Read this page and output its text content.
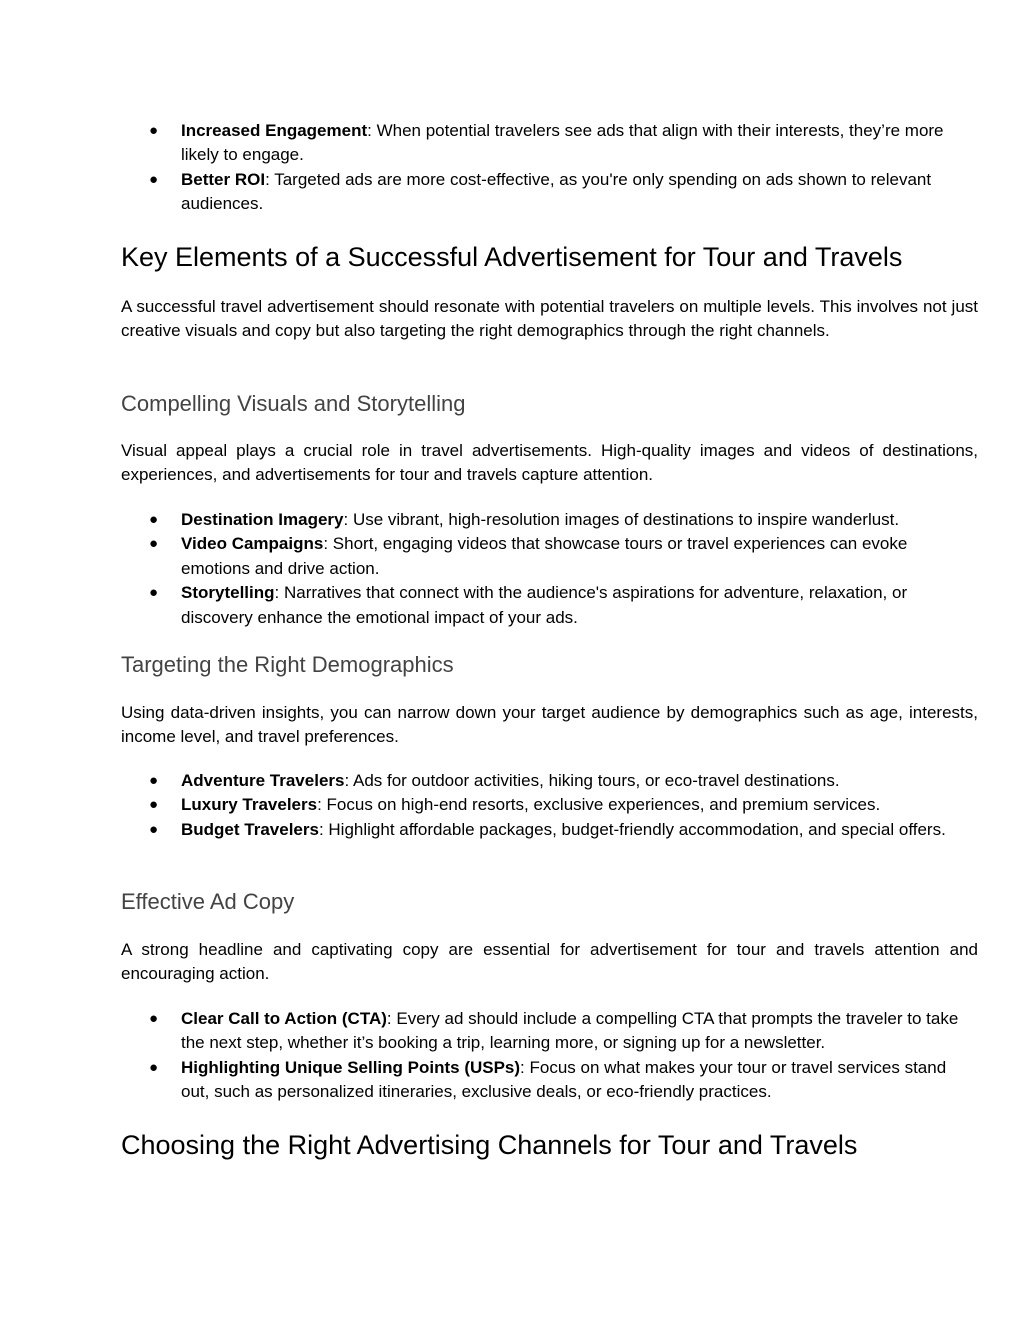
● Increased Engagement: When potential travelers see ads that align with their interests, they’re more likely to engage.
● Better ROI: Targeted ads are more cost-effective, as you're only spending on ads shown to relevant audiences.
Key Elements of a Successful Advertisement for Tour and Travels

A successful travel advertisement should resonate with potential travelers on multiple levels. This involves not just creative visuals and copy but also targeting the right demographics through the right channels.

Compelling Visuals and Storytelling

Visual appeal plays a crucial role in travel advertisements. High-quality images and videos of destinations, experiences, and advertisements for tour and travels capture attention.

● Destination Imagery: Use vibrant, high-resolution images of destinations to inspire wanderlust.
● Video Campaigns: Short, engaging videos that showcase tours or travel experiences can evoke emotions and drive action.
● Storytelling: Narratives that connect with the audience's aspirations for adventure, relaxation, or discovery enhance the emotional impact of your ads.
Targeting the Right Demographics

Using data-driven insights, you can narrow down your target audience by demographics such as age, interests, income level, and travel preferences.

● Adventure Travelers: Ads for outdoor activities, hiking tours, or eco-travel destinations.
● Luxury Travelers: Focus on high-end resorts, exclusive experiences, and premium services.
● Budget Travelers: Highlight affordable packages, budget-friendly accommodation, and special offers.
Effective Ad Copy

A strong headline and captivating copy are essential for advertisement for tour and travels attention and encouraging action.

● Clear Call to Action (CTA): Every ad should include a compelling CTA that prompts the traveler to take the next step, whether it’s booking a trip, learning more, or signing up for a newsletter.
● Highlighting Unique Selling Points (USPs): Focus on what makes your tour or travel services stand out, such as personalized itineraries, exclusive deals, or eco-friendly practices.
Choosing the Right Advertising Channels for Tour and Travels
